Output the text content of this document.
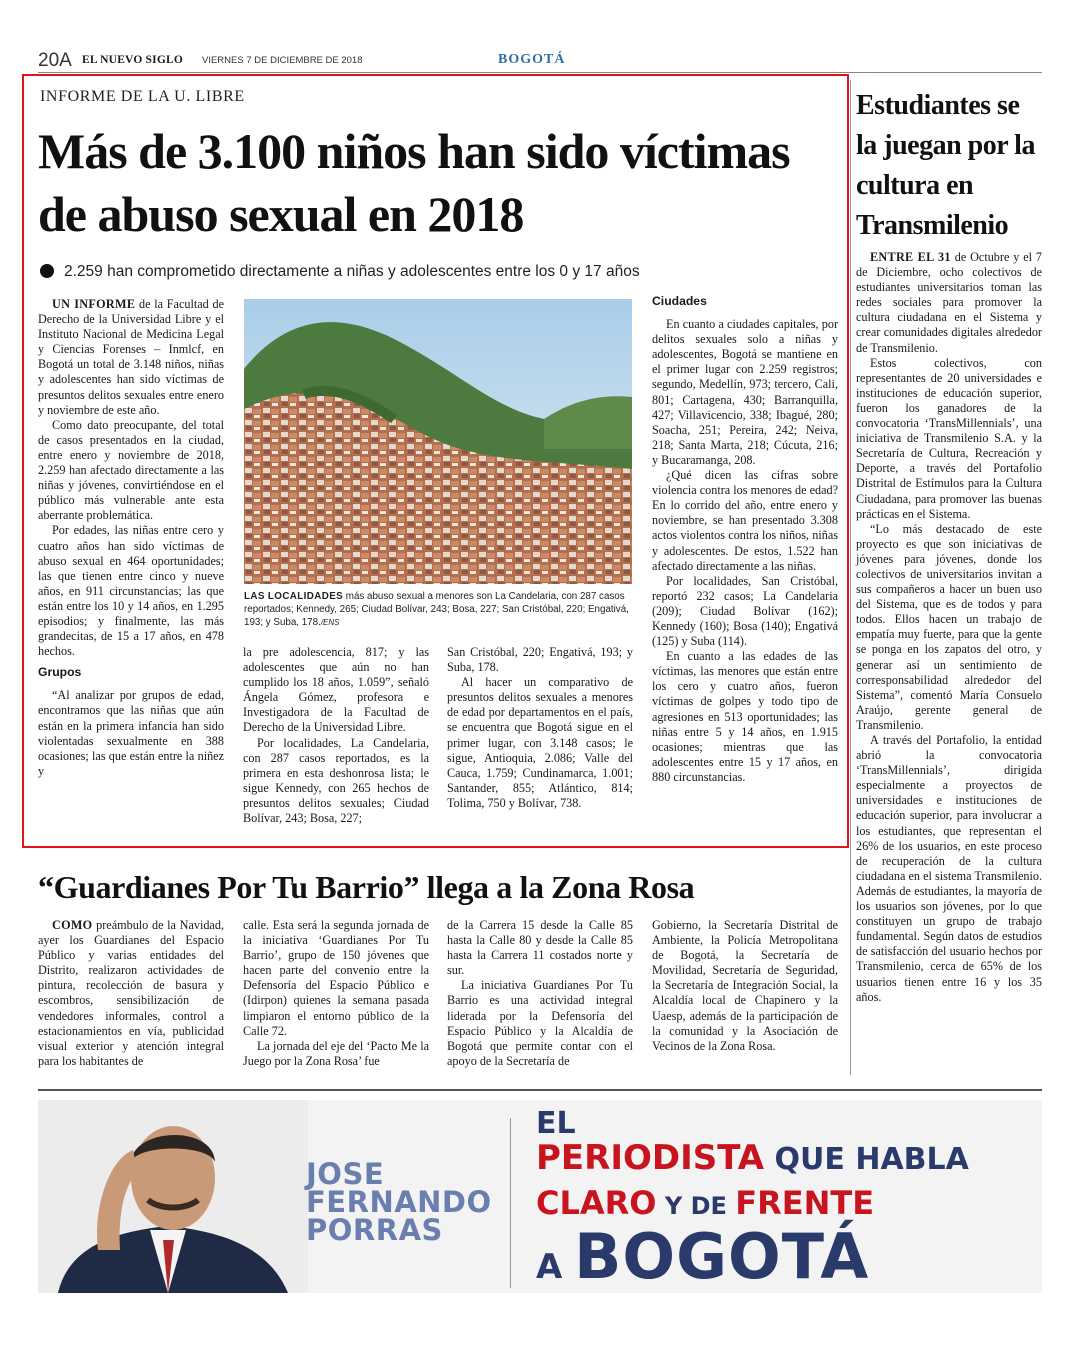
20A EL NUEVO SIGLO VIERNES 7 DE DICIEMBRE DE 2018	BOGOTÁ
INFORME DE LA U. LIBRE
Más de 3.100 niños han sido víctimas de abuso sexual en 2018
2.259 han comprometido directamente a niñas y adolescentes entre los 0 y 17 años

UN INFORME de la Facultad de Derecho de la Universidad Libre y el Instituto Nacional de Medicina Legal y Ciencias Forenses – Inmlcf, en Bogotá un total de 3.148 niños, niñas y adolescentes han sido víctimas de presuntos delitos sexuales entre enero y noviembre de este año.

Como dato preocupante, del total de casos presentados en la ciudad, entre enero y noviembre de 2018, 2.259 han afectado directamente a las niñas y jóvenes, convirtiéndose en el público más vulnerable ante esta aberrante problemática.

Por edades, las niñas entre cero y cuatro años han sido víctimas de abuso sexual en 464 oportunidades; las que tienen entre cinco y nueve años, en 911 circunstancias; las que están entre los 10 y 14 años, en 1.295 episodios; y finalmente, las más grandecitas, de 15 a 17 años, en 478 hechos.

Grupos

“Al analizar por grupos de edad, encontramos que las niñas que aún están en la primera infancia han sido violentadas sexualmente en 388 ocasiones; las que están entre la niñez y

LAS LOCALIDADES más abuso sexual a menores son La Candelaria, con 287 casos reportados; Kennedy, 265; Ciudad Bolívar, 243; Bosa, 227; San Cristóbal, 220; Engativá, 193; y Suba, 178./ENS

la pre adolescencia, 817; y las adolescentes que aún no han cumplido los 18 años, 1.059”, señaló Ángela Gómez, profesora e Investigadora de la Facultad de Derecho de la Universidad Libre.

Por localidades, La Candelaria, con 287 casos reportados, es la primera en esta deshonrosa lista; le sigue Kennedy, con 265 hechos de presuntos delitos sexuales; Ciudad Bolívar, 243; Bosa, 227;

San Cristóbal, 220; Engativá, 193; y Suba, 178.

Al hacer un comparativo de presuntos delitos sexuales a menores de edad por departamentos en el país, se encuentra que Bogotá sigue en el primer lugar, con 3.148 casos; le sigue, Antioquia, 2.086; Valle del Cauca, 1.759; Cundinamarca, 1.001; Santander, 855; Atlántico, 814; Tolima, 750 y Bolívar, 738.

Ciudades

En cuanto a ciudades capitales, por delitos sexuales solo a niñas y adolescentes, Bogotá se mantiene en el primer lugar con 2.259 registros; segundo, Medellín, 973; tercero, Cali, 801; Cartagena, 430; Barranquilla, 427; Villavicencio, 338; Ibagué, 280; Soacha, 251; Pereira, 242; Neiva, 218; Santa Marta, 218; Cúcuta, 216; y Bucaramanga, 208.

¿Qué dicen las cifras sobre violencia contra los menores de edad? En lo corrido del año, entre enero y noviembre, se han presentado 3.308 actos violentos contra los niños, niñas y adolescentes. De estos, 1.522 han afectado directamente a las niñas.

Por localidades, San Cristóbal, reportó 232 casos; La Candelaria (209); Ciudad Bolívar (162); Kennedy (160); Bosa (140); Engativá (125) y Suba (114).

En cuanto a las edades de las víctimas, las menores que están entre los cero y cuatro años, fueron víctimas de golpes y todo tipo de agresiones en 513 oportunidades; las niñas entre 5 y 14 años, en 1.915 ocasiones; mientras que las adolescentes entre 15 y 17 años, en 880 circunstancias.

Estudiantes se la juegan por la cultura en Transmilenio

ENTRE EL 31 de Octubre y el 7 de Diciembre, ocho colectivos de estudiantes universitarios toman las redes sociales para promover la cultura ciudadana en el Sistema y crear comunidades digitales alrededor de Transmilenio.

Estos colectivos, con representantes de 20 universidades e instituciones de educación superior, fueron los ganadores de la convocatoria ‘TransMillennials’, una iniciativa de Transmilenio S.A. y la Secretaría de Cultura, Recreación y Deporte, a través del Portafolio Distrital de Estímulos para la Cultura Ciudadana, para promover las buenas prácticas en el Sistema.

“Lo más destacado de este proyecto es que son iniciativas de jóvenes para jóvenes, donde los colectivos de universitarios invitan a sus compañeros a hacer un buen uso del Sistema, que es de todos y para todos. Ellos hacen un trabajo de empatía muy fuerte, para que la gente se ponga en los zapatos del otro, y generar así un sentimiento de corresponsabilidad alrededor del Sistema”, comentó María Consuelo Araújo, gerente general de Transmilenio.

A través del Portafolio, la entidad abrió la convocatoria ‘TransMillennials’, dirigida especialmente a proyectos de universidades e instituciones de educación superior, para involucrar a los estudiantes, que representan el 26% de los usuarios, en este proceso de recuperación de la cultura ciudadana en el sistema Transmilenio. Además de estudiantes, la mayoría de los usuarios son jóvenes, por lo que constituyen un grupo de trabajo fundamental. Según datos de estudios de satisfacción del usuario hechos por Transmilenio, cerca de 65% de los usuarios tienen entre 16 y los 35 años.

“Guardianes Por Tu Barrio” llega a la Zona Rosa

COMO preámbulo de la Navidad, ayer los Guardianes del Espacio Público y varias entidades del Distrito, realizaron actividades de pintura, recolección de basura y escombros, sensibilización de vendedores informales, control a estacionamientos en vía, publicidad visual exterior y atención integral para los habitantes de

calle. Esta será la segunda jornada de la iniciativa ‘Guardianes Por Tu Barrio’, grupo de 150 jóvenes que hacen parte del convenio entre la Defensoría del Espacio Público e (Idirpon) quienes la semana pasada limpiaron el entorno público de la Calle 72.

La jornada del eje del ‘Pacto Me la Juego por la Zona Rosa’ fue

de la Carrera 15 desde la Calle 85 hasta la Calle 80 y desde la Calle 85 hasta la Carrera 11 costados norte y sur.

La iniciativa Guardianes Por Tu Barrio es una actividad integral liderada por la Defensoría del Espacio Público y la Alcaldía de Bogotá que permite contar con el apoyo de la Secretaría de

Gobierno, la Secretaría Distrital de Ambiente, la Policía Metropolitana de Bogotá, la Secretaría de Movilidad, Secretaría de Seguridad, la Secretaría de Integración Social, la Alcaldía local de Chapinero y la Uaesp, además de la participación de la comunidad y la Asociación de Vecinos de la Zona Rosa.

JOSE
FERNANDO
PORRAS
EL
PERIODISTA QUE HABLA
CLARO Y DE FRENTE
A BOGOTÁ
